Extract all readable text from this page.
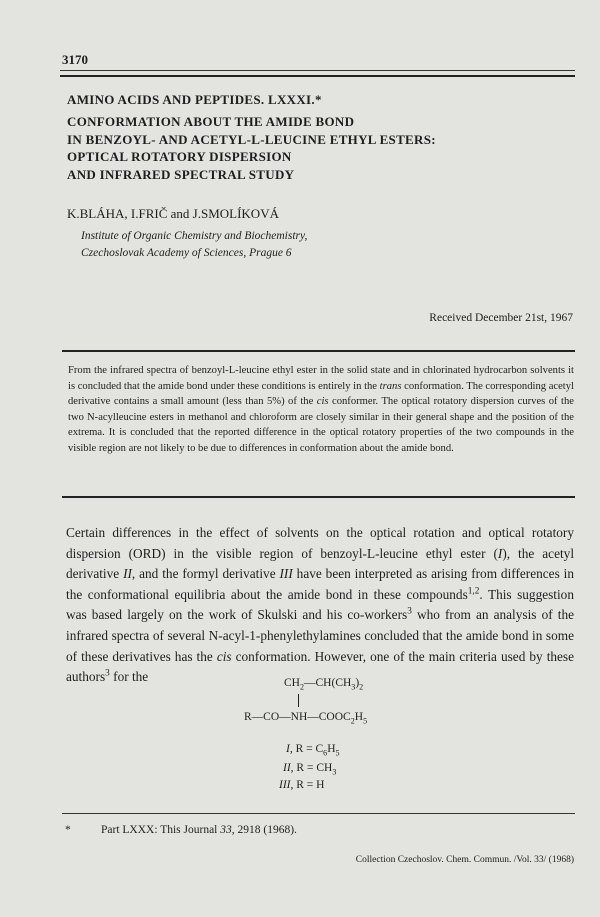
3170
AMINO ACIDS AND PEPTIDES. LXXXI.*
CONFORMATION ABOUT THE AMIDE BOND
IN BENZOYL- AND ACETYL-L-LEUCINE ETHYL ESTERS:
OPTICAL ROTATORY DISPERSION
AND INFRARED SPECTRAL STUDY
K.BLÁHA, I.FRIČ and J.SMOLÍKOVÁ
Institute of Organic Chemistry and Biochemistry,
Czechoslovak Academy of Sciences, Prague 6
Received December 21st, 1967

From the infrared spectra of benzoyl-L-leucine ethyl ester in the solid state and in chlorinated hydrocarbon solvents it is concluded that the amide bond under these conditions is entirely in the trans conformation. The corresponding acetyl derivative contains a small amount (less than 5%) of the cis conformer. The optical rotatory dispersion curves of the two N-acylleucine esters in methanol and chloroform are closely similar in their general shape and the position of the extrema. It is concluded that the reported difference in the optical rotatory properties of the two compounds in the visible region are not likely to be due to differences in conformation about the amide bond.

Certain differences in the effect of solvents on the optical rotation and optical rotatory dispersion (ORD) in the visible region of benzoyl-L-leucine ethyl ester (I), the acetyl derivative II, and the formyl derivative III have been interpreted as arising from differences in the conformational equilibria about the amide bond in these compounds$^{1,2}$. This suggestion was based largely on the work of Skulski and his co-workers$^3$ who from an analysis of the infrared spectra of several N-acyl-1-phenylethylamines concluded that the amide bond in some of these derivatives has the cis conformation. However, one of the main criteria used by these authors$^3$ for the	$CH_2—CH(CH_3)_2$
$R—CO—NH—COOC_2H_5$
I, $R = C_6H_5$
II, $R = CH_3$
III, R = H
*	Part LXXX: This Journal 33, 2918 (1968).
Collection Czechoslov. Chem. Commun. /Vol. 33/ (1968)
